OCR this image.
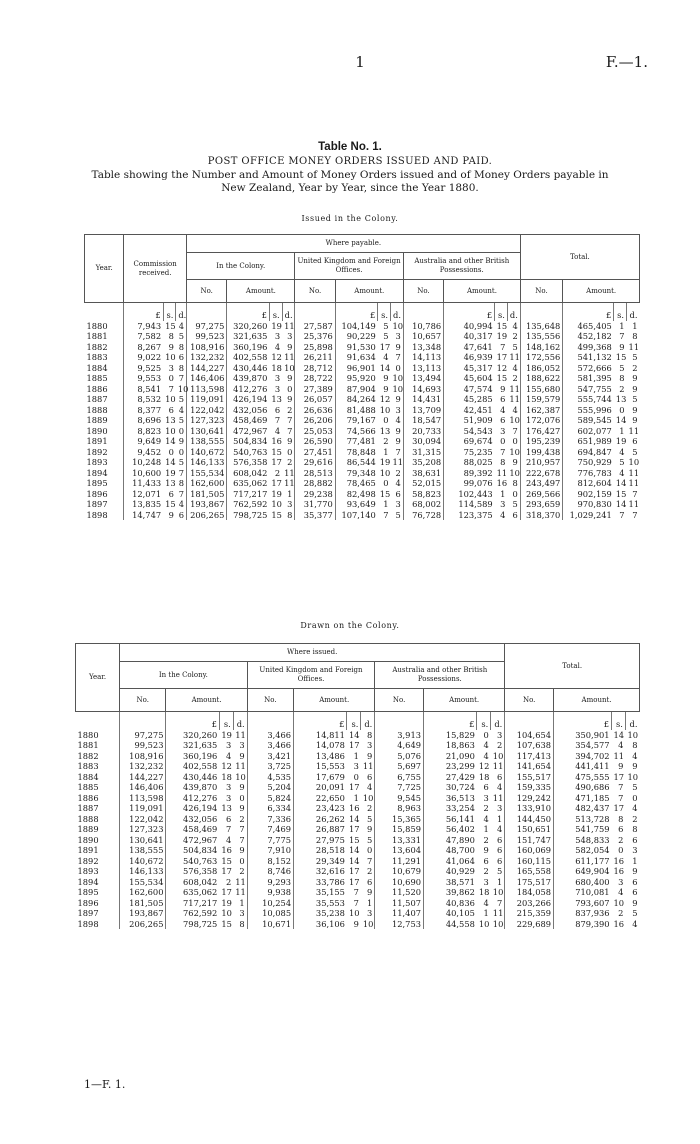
1	F.—1.
Table No. 1.
POST OFFICE MONEY ORDERS ISSUED AND PAID.
Table showing the Number and Amount of Money Orders issued and of Money Orders payable in New Zealand, Year by Year, since the Year 1880.
Issued in the Colony.
Year.	Commission received.			Where payable.												Total.			
				In the Colony.				United Kingdom and Foreign Offices.				Australia and other British Possessions.							
				No.	Amount.			No.	Amount.			No.	Amount.			No.	Amount.		
	£	s.	d.		£	s.	d.		£	s.	d.		£	s.	d.		£	s.	d.
1880	7,943	15	4	97,275	320,260	19	11	27,587	104,149	5	10	10,786	40,994	15	4	135,648	465,405	1	1
1881	7,582	8	5	99,523	321,635	3	3	25,376	90,229	5	3	10,657	40,317	19	2	135,556	452,182	7	8
1882	8,267	9	8	108,916	360,196	4	9	25,898	91,530	17	9	13,348	47,641	7	5	148,162	499,368	9	11
1883	9,022	10	6	132,232	402,558	12	11	26,211	91,634	4	7	14,113	46,939	17	11	172,556	541,132	15	5
1884	9,525	3	8	144,227	430,446	18	10	28,712	96,901	14	0	13,113	45,317	12	4	186,052	572,666	5	2
1885	9,553	0	7	146,406	439,870	3	9	28,722	95,920	9	10	13,494	45,604	15	2	188,622	581,395	8	9
1886	8,541	7	10	113,598	412,276	3	0	27,389	87,904	9	10	14,693	47,574	9	11	155,680	547,755	2	9
1887	8,532	10	5	119,091	426,194	13	9	26,057	84,264	12	9	14,431	45,285	6	11	159,579	555,744	13	5
1888	8,377	6	4	122,042	432,056	6	2	26,636	81,488	10	3	13,709	42,451	4	4	162,387	555,996	0	9
1889	8,696	13	5	127,323	458,469	7	7	26,206	79,167	0	4	18,547	51,909	6	10	172,076	589,545	14	9
1890	8,823	10	0	130,641	472,967	4	7	25,053	74,566	13	9	20,733	54,543	3	7	176,427	602,077	1	11
1891	9,649	14	9	138,555	504,834	16	9	26,590	77,481	2	9	30,094	69,674	0	0	195,239	651,989	19	6
1892	9,452	0	0	140,672	540,763	15	0	27,451	78,848	1	7	31,315	75,235	7	10	199,438	694,847	4	5
1893	10,248	14	5	146,133	576,358	17	2	29,616	86,544	19	11	35,208	88,025	8	9	210,957	750,929	5	10
1894	10,600	19	7	155,534	608,042	2	11	28,513	79,348	10	2	38,631	89,392	11	10	222,678	776,783	4	11
1895	11,433	13	8	162,600	635,062	17	11	28,882	78,465	0	4	52,015	99,076	16	8	243,497	812,604	14	11
1896	12,071	6	7	181,505	717,217	19	1	29,238	82,498	15	6	58,823	102,443	1	0	269,566	902,159	15	7
1897	13,835	15	4	193,867	762,592	10	3	31,770	93,649	1	3	68,002	114,589	3	5	293,659	970,830	14	11
1898	14,747	9	6	206,265	798,725	15	8	35,377	107,140	7	5	76,728	123,375	4	6	318,370	1,029,241	7	7
Drawn on the Colony.
Year.	Where issued.												Total.			
	In the Colony.				United Kingdom and Foreign Offices.				Australia and other British Possessions.							
	No.	Amount.			No.	Amount.			No.	Amount.			No.	Amount.		
		£	s.	d.		£	s.	d.		£	s.	d.		£	s.	d.
1880	97,275	320,260	19	11	3,466	14,811	14	8	3,913	15,829	0	3	104,654	350,901	14	10
1881	99,523	321,635	3	3	3,466	14,078	17	3	4,649	18,863	4	2	107,638	354,577	4	8
1882	108,916	360,196	4	9	3,421	13,486	1	9	5,076	21,090	4	10	117,413	394,702	11	4
1883	132,232	402,558	12	11	3,725	15,553	3	11	5,697	23,299	12	11	141,654	441,411	9	9
1884	144,227	430,446	18	10	4,535	17,679	0	6	6,755	27,429	18	6	155,517	475,555	17	10
1885	146,406	439,870	3	9	5,204	20,091	17	4	7,725	30,724	6	4	159,335	490,686	7	5
1886	113,598	412,276	3	0	5,824	22,650	1	10	9,545	36,513	3	11	129,242	471,185	7	0
1887	119,091	426,194	13	9	6,334	23,423	16	2	8,963	33,254	2	3	133,910	482,437	17	4
1888	122,042	432,056	6	2	7,336	26,262	14	5	15,365	56,141	4	1	144,450	513,728	8	2
1889	127,323	458,469	7	7	7,469	26,887	17	9	15,859	56,402	1	4	150,651	541,759	6	8
1890	130,641	472,967	4	7	7,775	27,975	15	5	13,331	47,890	2	6	151,747	548,833	2	6
1891	138,555	504,834	16	9	7,910	28,518	14	0	13,604	48,700	9	6	160,069	582,054	0	3
1892	140,672	540,763	15	0	8,152	29,349	14	7	11,291	41,064	6	6	160,115	611,177	16	1
1893	146,133	576,358	17	2	8,746	32,616	17	2	10,679	40,929	2	5	165,558	649,904	16	9
1894	155,534	608,042	2	11	9,293	33,786	17	6	10,690	38,571	3	1	175,517	680,400	3	6
1895	162,600	635,062	17	11	9,938	35,155	7	9	11,520	39,862	18	10	184,058	710,081	4	6
1896	181,505	717,217	19	1	10,254	35,553	7	1	11,507	40,836	4	7	203,266	793,607	10	9
1897	193,867	762,592	10	3	10,085	35,238	10	3	11,407	40,105	1	11	215,359	837,936	2	5
1898	206,265	798,725	15	8	10,671	36,106	9	10	12,753	44,558	10	10	229,689	879,390	16	4
1—F. 1.
